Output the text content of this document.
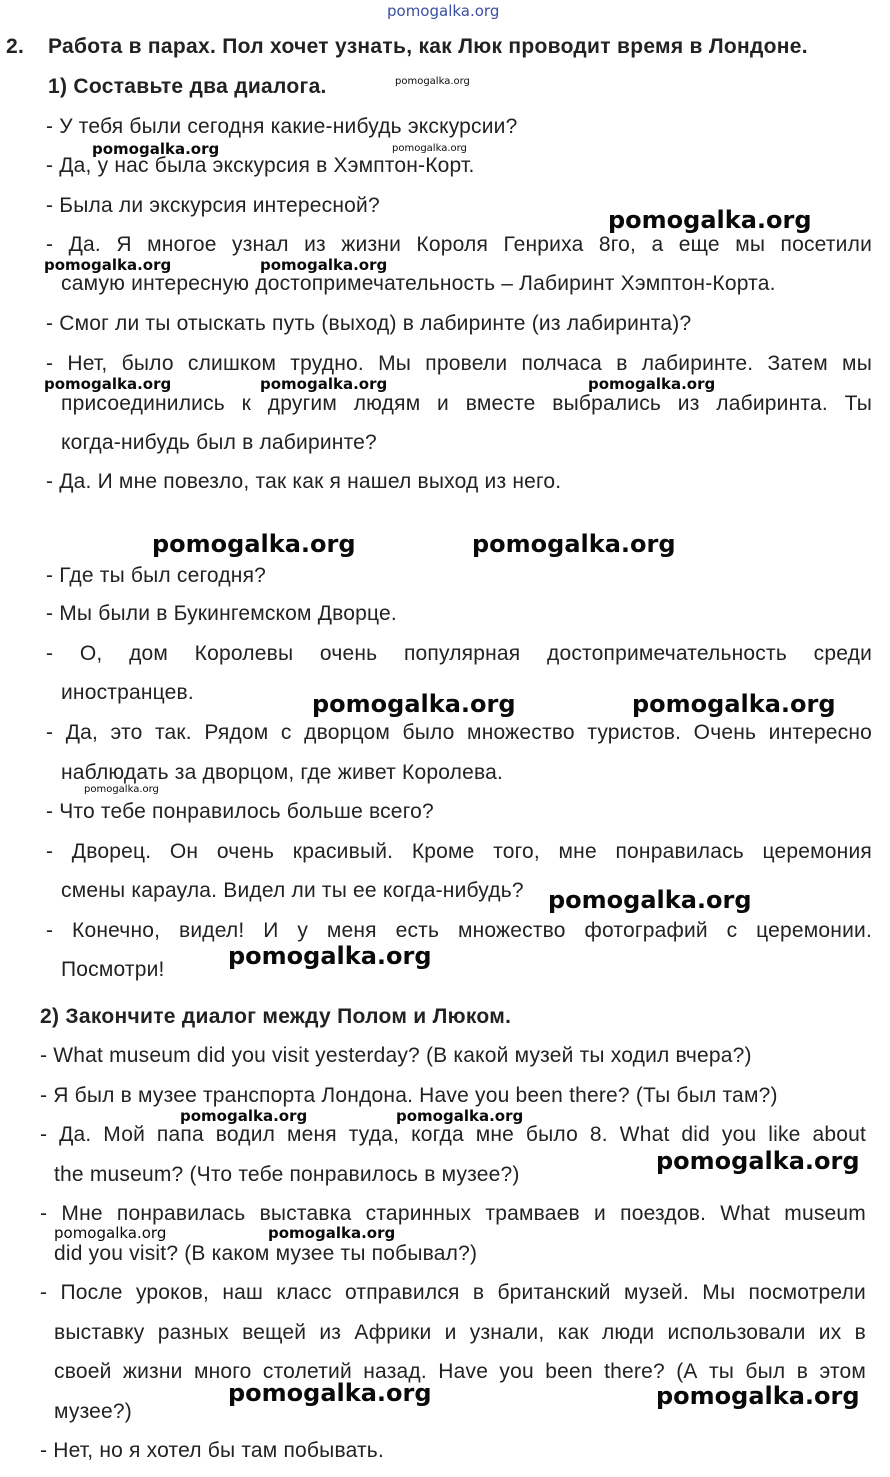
pomogalka.org
2. Работа в парах. Пол хочет узнать, как Люк проводит время в Лондоне.
1) Составьте два диалога.
- У тебя были сегодня какие-нибудь экскурсии?
- Да, у нас была экскурсия в Хэмптон-Корт.
- Была ли экскурсия интересной?
- Да. Я многое узнал из жизни Короля Генриха 8го, а еще мы посетили
самую интересную достопримечательность – Лабиринт Хэмптон-Корта.
- Смог ли ты отыскать путь (выход) в лабиринте (из лабиринта)?
- Нет, было слишком трудно. Мы провели полчаса в лабиринте. Затем мы
присоединились к другим людям и вместе выбрались из лабиринта. Ты
когда-нибудь был в лабиринте?
- Да. И мне повезло, так как я нашел выход из него.
- Где ты был сегодня?
- Мы были в Букингемском Дворце.
- О, дом Королевы очень популярная достопримечательность среди
иностранцев.
- Да, это так. Рядом с дворцом было множество туристов. Очень интересно
наблюдать за дворцом, где живет Королева.
- Что тебе понравилось больше всего?
- Дворец. Он очень красивый. Кроме того, мне понравилась церемония
смены караула. Видел ли ты ее когда-нибудь?
- Конечно, видел! И у меня есть множество фотографий с церемонии.
Посмотри!
2) Закончите диалог между Полом и Люком.
- What museum did you visit yesterday? (В какой музей ты ходил вчера?)
- Я был в музее транспорта Лондона. Have you been there? (Ты был там?)
- Да. Мой папа водил меня туда, когда мне было 8. What did you like about
the museum? (Что тебе понравилось в музее?)
- Мне понравилась выставка старинных трамваев и поездов. What museum
did you visit? (В каком музее ты побывал?)
- После уроков, наш класс отправился в британский музей. Мы посмотрели
выставку разных вещей из Африки и узнали, как люди использовали их в
своей жизни много столетий назад. Have you been there? (А ты был в этом
музее?)
- Нет, но я хотел бы там побывать.
pomogalka.org
pomogalka.org	pomogalka.org
pomogalka.org
pomogalka.org	pomogalka.org
pomogalka.org	pomogalka.org	pomogalka.org
pomogalka.org	pomogalka.org
pomogalka.org	pomogalka.org
pomogalka.org
pomogalka.org
pomogalka.org
pomogalka.org	pomogalka.org
pomogalka.org
pomogalka.org	pomogalka.org
pomogalka.org	pomogalka.org
